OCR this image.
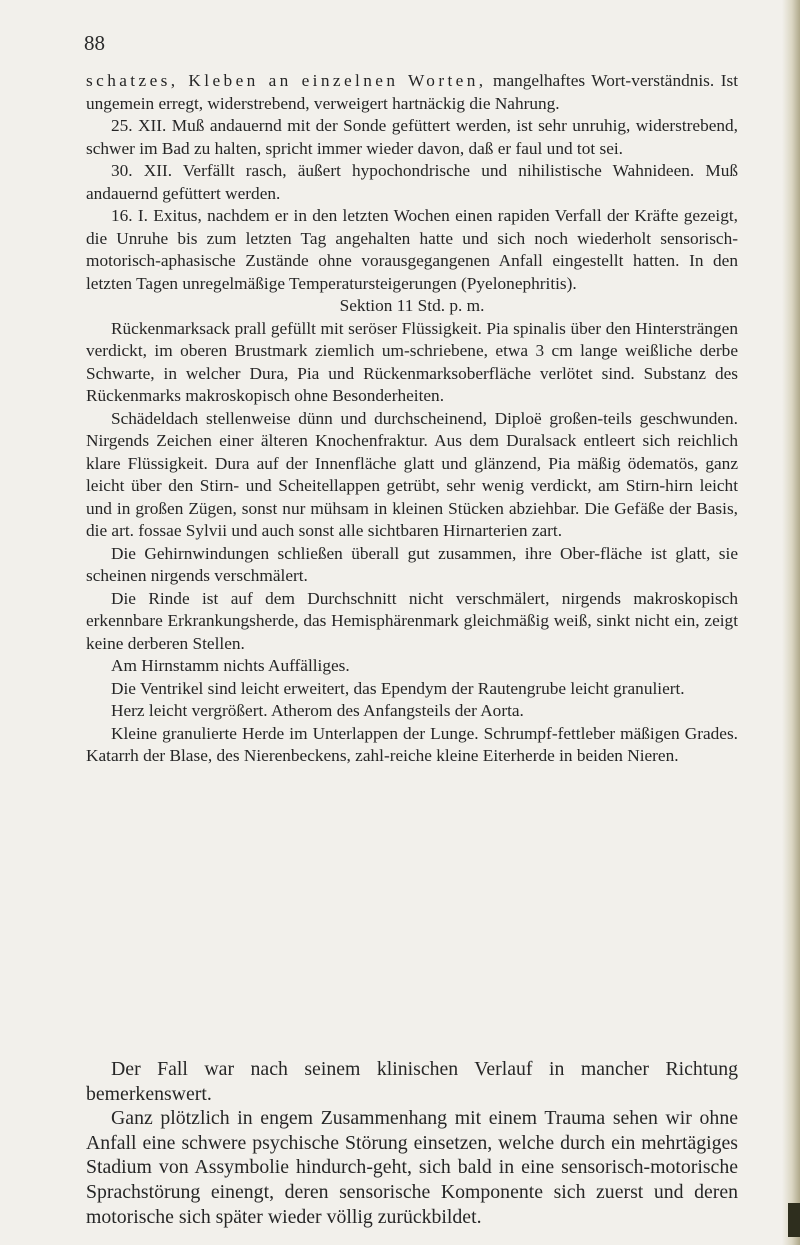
88

schatzes, Kleben an einzelnen Worten, mangelhaftes Wort-verständnis. Ist ungemein erregt, widerstrebend, verweigert hartnäckig die Nahrung.

25. XII. Muß andauernd mit der Sonde gefüttert werden, ist sehr unruhig, widerstrebend, schwer im Bad zu halten, spricht immer wieder davon, daß er faul und tot sei.

30. XII. Verfällt rasch, äußert hypochondrische und nihilistische Wahnideen. Muß andauernd gefüttert werden.

16. I. Exitus, nachdem er in den letzten Wochen einen rapiden Verfall der Kräfte gezeigt, die Unruhe bis zum letzten Tag angehalten hatte und sich noch wiederholt sensorisch-motorisch-aphasische Zustände ohne vorausgegangenen Anfall eingestellt hatten. In den letzten Tagen unregelmäßige Temperatursteigerungen (Pyelonephritis).

Sektion 11 Std. p. m.

Rückenmarksack prall gefüllt mit seröser Flüssigkeit. Pia spinalis über den Hintersträngen verdickt, im oberen Brustmark ziemlich um-schriebene, etwa 3 cm lange weißliche derbe Schwarte, in welcher Dura, Pia und Rückenmarksoberfläche verlötet sind. Substanz des Rückenmarks makroskopisch ohne Besonderheiten.

Schädeldach stellenweise dünn und durchscheinend, Diploë großen-teils geschwunden. Nirgends Zeichen einer älteren Knochenfraktur. Aus dem Duralsack entleert sich reichlich klare Flüssigkeit. Dura auf der Innenfläche glatt und glänzend, Pia mäßig ödematös, ganz leicht über den Stirn- und Scheitellappen getrübt, sehr wenig verdickt, am Stirn-hirn leicht und in großen Zügen, sonst nur mühsam in kleinen Stücken abziehbar. Die Gefäße der Basis, die art. fossae Sylvii und auch sonst alle sichtbaren Hirnarterien zart.

Die Gehirnwindungen schließen überall gut zusammen, ihre Ober-fläche ist glatt, sie scheinen nirgends verschmälert.

Die Rinde ist auf dem Durchschnitt nicht verschmälert, nirgends makroskopisch erkennbare Erkrankungsherde, das Hemisphärenmark gleichmäßig weiß, sinkt nicht ein, zeigt keine derberen Stellen.

Am Hirnstamm nichts Auffälliges.

Die Ventrikel sind leicht erweitert, das Ependym der Rautengrube leicht granuliert.

Herz leicht vergrößert. Atherom des Anfangsteils der Aorta.

Kleine granulierte Herde im Unterlappen der Lunge. Schrumpf-fettleber mäßigen Grades. Katarrh der Blase, des Nierenbeckens, zahl-reiche kleine Eiterherde in beiden Nieren.

Der Fall war nach seinem klinischen Verlauf in mancher Richtung bemerkenswert.

Ganz plötzlich in engem Zusammenhang mit einem Trauma sehen wir ohne Anfall eine schwere psychische Störung einsetzen, welche durch ein mehrtägiges Stadium von Assymbolie hindurch-geht, sich bald in eine sensorisch-motorische Sprachstörung einengt, deren sensorische Komponente sich zuerst und deren motorische sich später wieder völlig zurückbildet.
